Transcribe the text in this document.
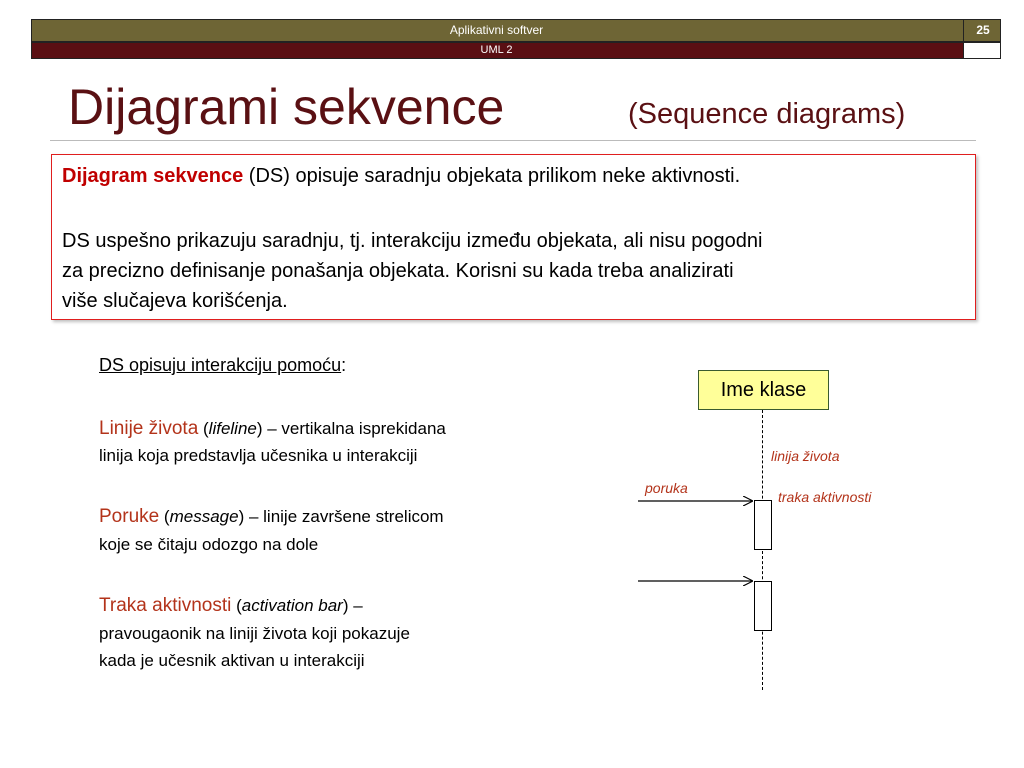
Aplikativni softver	25
UML 2
Dijagrami sekvence	(Sequence diagrams)
Dijagram sekvence (DS) opisuje saradnju objekata prilikom neke aktivnosti.
DS uspešno prikazuju saradnju, tj. interakciju između objekata, ali nisu pogodni
za precizno definisanje ponašanja objekata. Korisni su kada treba analizirati
više slučajeva korišćenja.
DS opisuju interakciju pomoću:
Linije života (lifeline) – vertikalna isprekidana
linija koja predstavlja učesnika u interakciji
Poruke (message) – linije završene strelicom
koje se čitaju odozgo na dole
Traka aktivnosti (activation bar) –
pravougaonik na liniji života koji pokazuje
kada je učesnik aktivan u interakciji
Ime klase
linija života
poruka
traka aktivnosti
